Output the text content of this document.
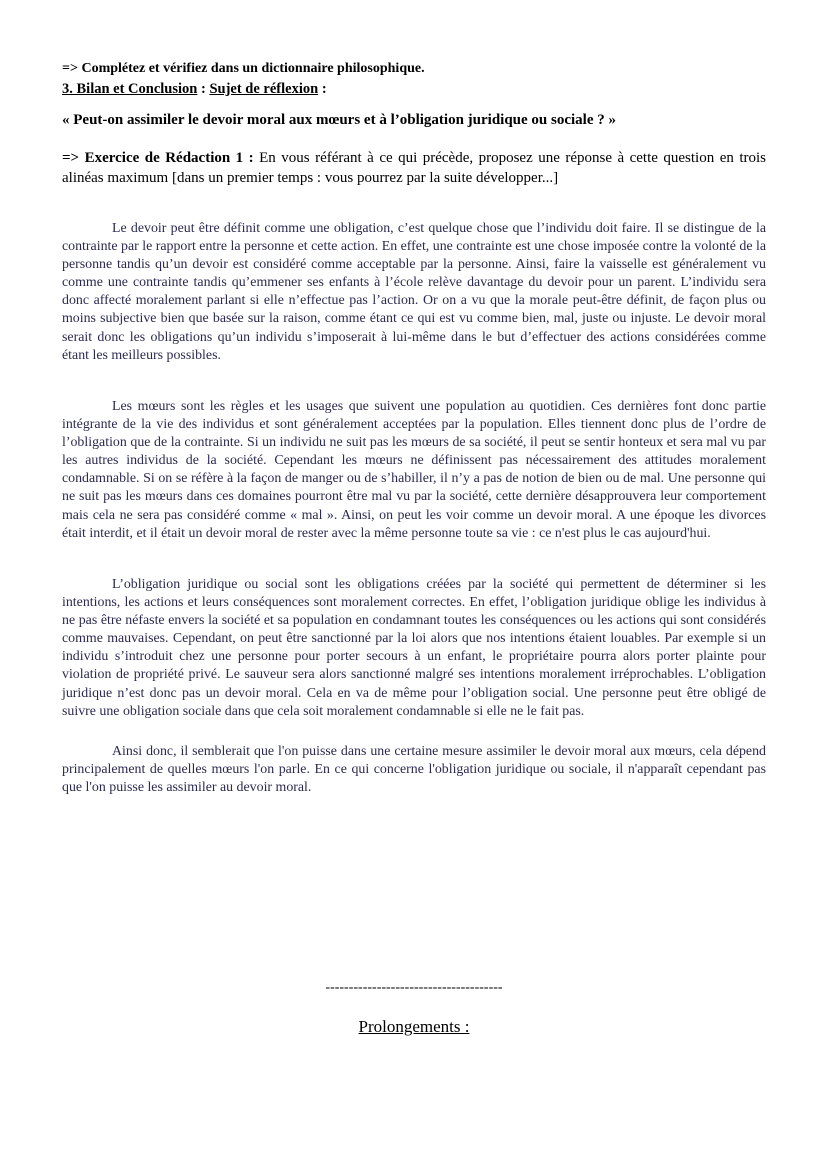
=> Complétez et vérifiez dans un dictionnaire philosophique.
3. Bilan et Conclusion : Sujet de réflexion :
« Peut-on assimiler le devoir moral aux mœurs et à l’obligation juridique ou sociale ? »
=> Exercice de Rédaction 1 : En vous référant à ce qui précède, proposez une réponse à cette question en trois alinéas maximum [dans un premier temps : vous pourrez par la suite développer...]

Le devoir peut être définit comme une obligation, c’est quelque chose que l’individu doit faire. Il se distingue de la contrainte par le rapport entre la personne et cette action. En effet, une contrainte est une chose imposée contre la volonté de la personne tandis qu’un devoir est considéré comme acceptable par la personne. Ainsi, faire la vaisselle est généralement vu comme une contrainte tandis qu’emmener ses enfants à l’école relève davantage du devoir pour un parent. L’individu sera donc affecté moralement parlant si elle n’effectue pas l’action. Or on a vu que la morale peut-être définit, de façon plus ou moins subjective bien que basée sur la raison, comme étant ce qui est vu comme bien, mal, juste ou injuste. Le devoir moral serait donc les obligations qu’un individu s’imposerait à lui-même dans le but d’effectuer des actions considérées comme étant les meilleurs possibles.

Les mœurs sont les règles et les usages que suivent une population au quotidien. Ces dernières font donc partie intégrante de la vie des individus et sont généralement acceptées par la population. Elles tiennent donc plus de l’ordre de l’obligation que de la contrainte. Si un individu ne suit pas les mœurs de sa société, il peut se sentir honteux et sera mal vu par les autres individus de la société. Cependant les mœurs ne définissent pas nécessairement des attitudes moralement condamnable. Si on se réfère à la façon de manger ou de s’habiller, il n’y a pas de notion de bien ou de mal. Une personne qui ne suit pas les mœurs dans ces domaines pourront être mal vu par la société, cette dernière désapprouvera leur comportement mais cela ne sera pas considéré comme « mal ». Ainsi, on peut les voir comme un devoir moral. A une époque les divorces était interdit, et il était un devoir moral de rester avec la même personne toute sa vie : ce n'est plus le cas aujourd'hui.

L’obligation juridique ou social sont les obligations créées par la société qui permettent de déterminer si les intentions, les actions et leurs conséquences sont moralement correctes. En effet, l’obligation juridique oblige les individus à ne pas être néfaste envers la société et sa population en condamnant toutes les conséquences ou les actions qui sont considérés comme mauvaises. Cependant, on peut être sanctionné par la loi alors que nos intentions étaient louables. Par exemple si un individu s’introduit chez une personne pour porter secours à un enfant, le propriétaire pourra alors porter plainte pour violation de propriété privé. Le sauveur sera alors sanctionné malgré ses intentions moralement irréprochables. L’obligation juridique n’est donc pas un devoir moral. Cela en va de même pour l’obligation social. Une personne peut être obligé de suivre une obligation sociale dans que cela soit moralement condamnable si elle ne le fait pas.

Ainsi donc, il semblerait que l'on puisse dans une certaine mesure assimiler le devoir moral aux mœurs, cela dépend principalement de quelles mœurs l'on parle. En ce qui concerne l'obligation juridique ou sociale, il n'apparaît cependant pas que l'on puisse les assimiler au devoir moral.

--------------------------------------
Prolongements :
